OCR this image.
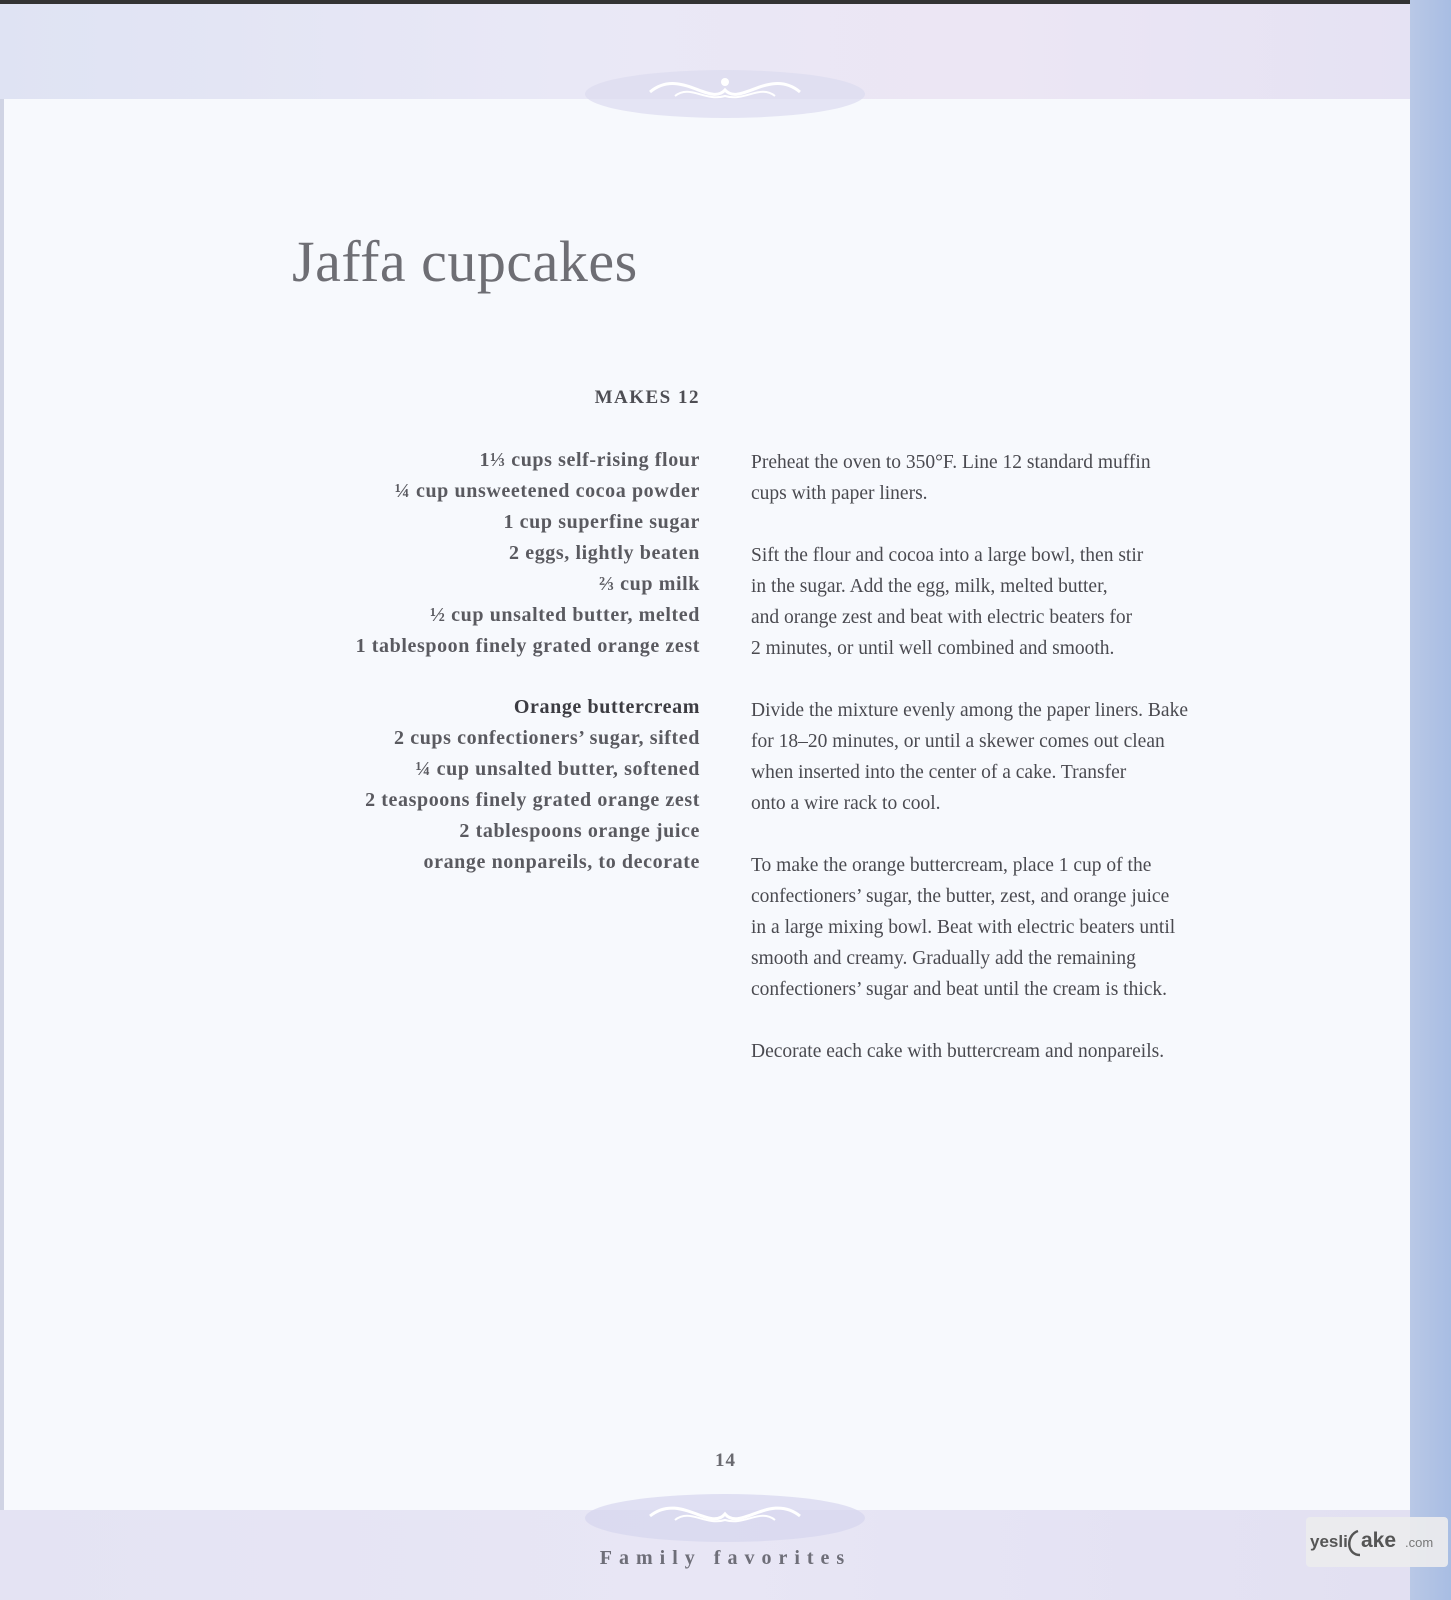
Jaffa cupcakes
MAKES 12
1⅓ cups self-rising flour
¼ cup unsweetened cocoa powder
1 cup superfine sugar
2 eggs, lightly beaten
⅔ cup milk
½ cup unsalted butter, melted
1 tablespoon finely grated orange zest
Orange buttercream
2 cups confectioners’ sugar, sifted
¼ cup unsalted butter, softened
2 teaspoons finely grated orange zest
2 tablespoons orange juice
orange nonpareils, to decorate

Preheat the oven to 350°F. Line 12 standard muffin
cups with paper liners.

Sift the flour and cocoa into a large bowl, then stir
in the sugar. Add the egg, milk, melted butter,
and orange zest and beat with electric beaters for
2 minutes, or until well combined and smooth.

Divide the mixture evenly among the paper liners. Bake
for 18–20 minutes, or until a skewer comes out clean
when inserted into the center of a cake. Transfer
onto a wire rack to cool.

To make the orange buttercream, place 1 cup of the
confectioners’ sugar, the butter, zest, and orange juice
in a large mixing bowl. Beat with electric beaters until
smooth and creamy. Gradually add the remaining
confectioners’ sugar and beat until the cream is thick.

Decorate each cake with buttercream and nonpareils.

14
Family favorites
yesli ake .com
